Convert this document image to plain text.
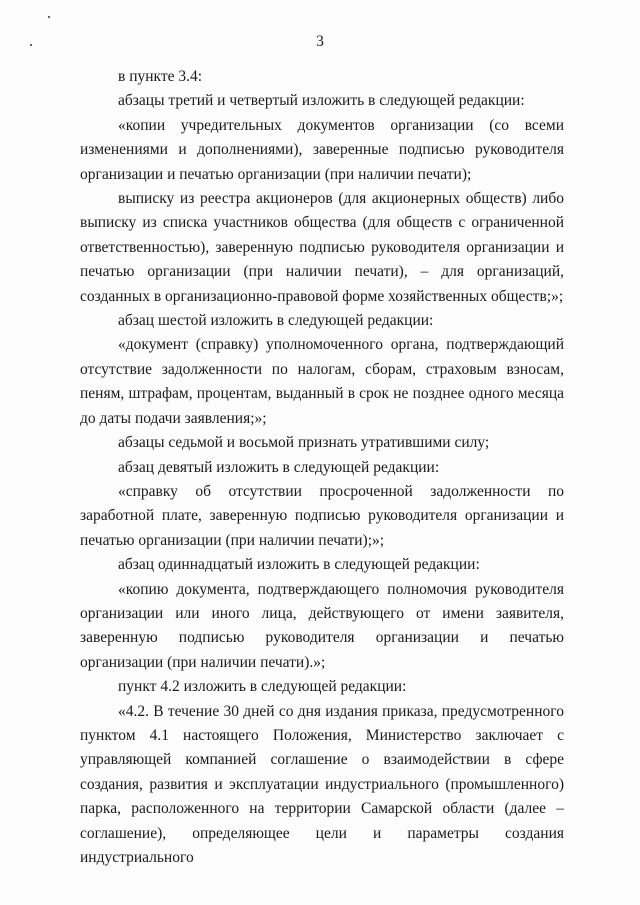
3

в пункте 3.4:

абзацы третий и четвертый изложить в следующей редакции:

«копии учредительных документов организации (со всеми изменениями и дополнениями), заверенные подписью руководителя организации и печатью организации (при наличии печати);

выписку из реестра акционеров (для акционерных обществ) либо выписку из списка участников общества (для обществ с ограниченной ответственностью), заверенную подписью руководителя организации и печатью организации (при наличии печати), – для организаций, созданных в организационно-правовой форме хозяйственных обществ;»;

абзац шестой изложить в следующей редакции:

«документ (справку) уполномоченного органа, подтверждающий отсутствие задолженности по налогам, сборам, страховым взносам, пеням, штрафам, процентам, выданный в срок не позднее одного месяца до даты подачи заявления;»;

абзацы седьмой и восьмой признать утратившими силу;

абзац девятый изложить в следующей редакции:

«справку об отсутствии просроченной задолженности по заработной плате, заверенную подписью руководителя организации и печатью организации (при наличии печати);»;

абзац одиннадцатый изложить в следующей редакции:

«копию документа, подтверждающего полномочия руководителя организации или иного лица, действующего от имени заявителя, заверенную подписью руководителя организации и печатью организации (при наличии печати).»;

пункт 4.2 изложить в следующей редакции:

«4.2. В течение 30 дней со дня издания приказа, предусмотренного пунктом 4.1 настоящего Положения, Министерство заключает с управляющей компанией соглашение о взаимодействии в сфере создания, развития и эксплуатации индустриального (промышленного) парка, расположенного на территории Самарской области (далее – соглашение), определяющее цели и параметры создания индустриального
